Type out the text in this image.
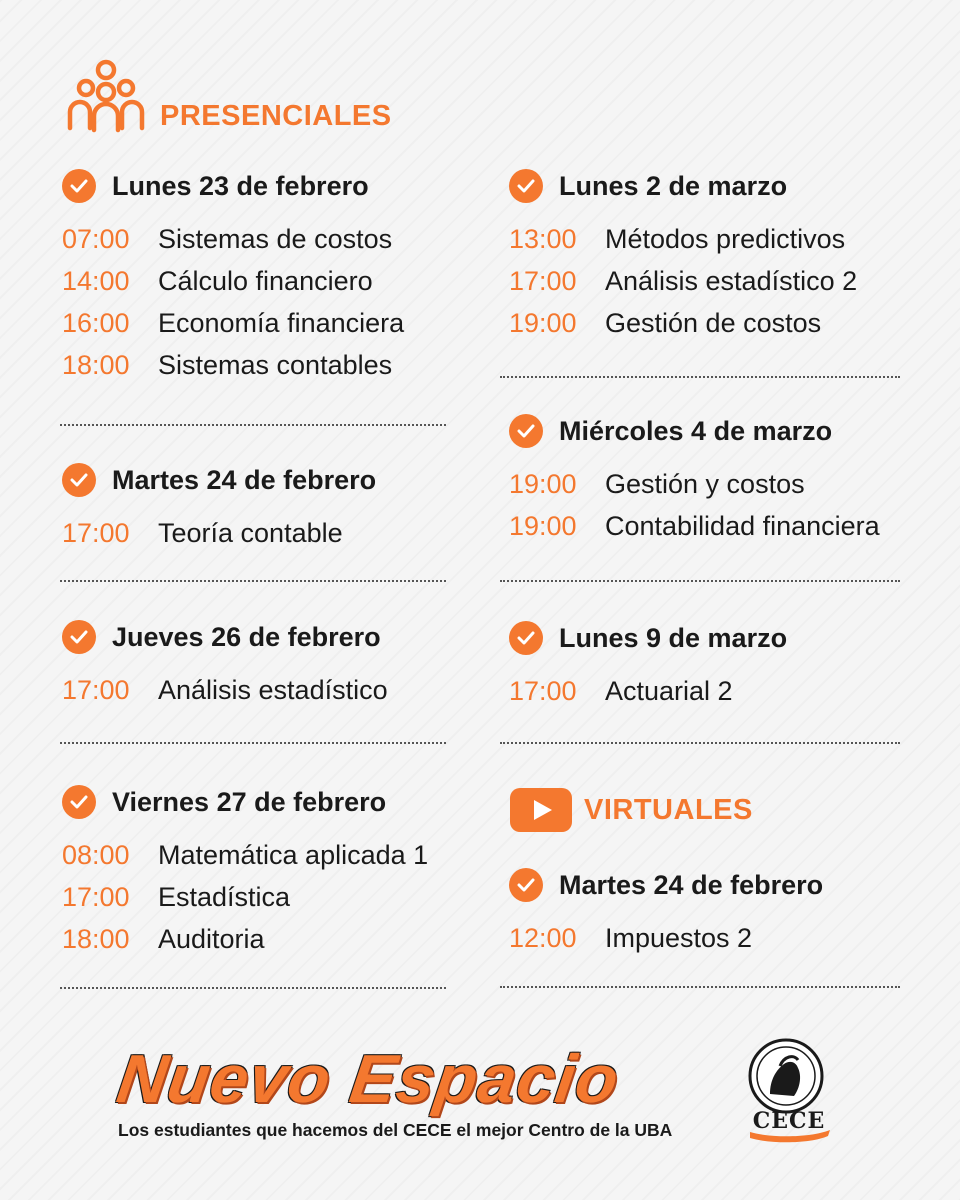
PRESENCIALES
Lunes 23 de febrero
07:00	Sistemas de costos
14:00	Cálculo financiero
16:00	Economía financiera
18:00	Sistemas contables
Martes 24 de febrero
17:00	Teoría contable
Jueves 26 de febrero
17:00	Análisis estadístico
Viernes 27 de febrero
08:00	Matemática aplicada 1
17:00	Estadística
18:00	Auditoria
Lunes 2 de marzo
13:00	Métodos predictivos
17:00	Análisis estadístico 2
19:00	Gestión de costos
Miércoles 4 de marzo
19:00	Gestión y costos
19:00	Contabilidad financiera
Lunes 9 de marzo
17:00	Actuarial 2
VIRTUALES
Martes 24 de febrero
12:00	Impuestos 2
Nuevo Espacio
Los estudiantes que hacemos del CECE el mejor Centro de la UBA	CECE
